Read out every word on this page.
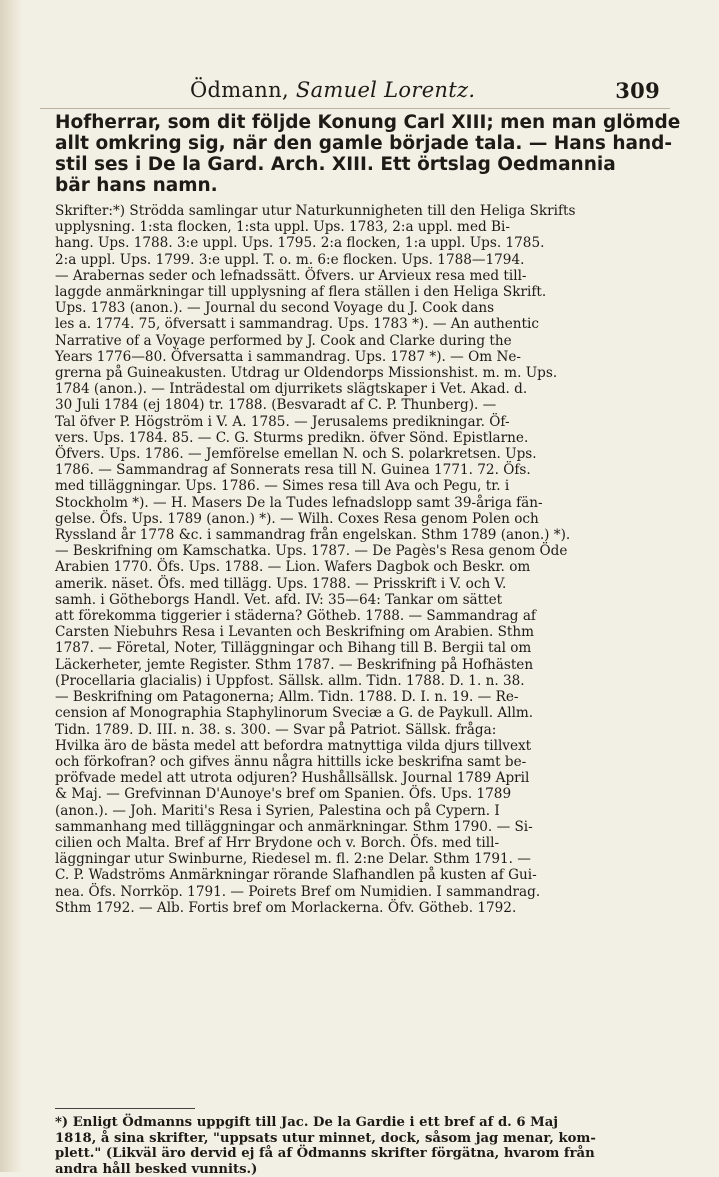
Ödmann, Samuel Lorentz.	309
Hofherrar, som dit följde Konung Carl XIII; men man glömde
allt omkring sig, när den gamle började tala. — Hans hand-
stil ses i De la Gard. Arch. XIII. Ett örtslag Oedmannia
bär hans namn.
Skrifter:*) Strödda samlingar utur Naturkunnigheten till den Heliga Skrifts
upplysning. 1:sta flocken, 1:sta uppl. Ups. 1783, 2:a uppl. med Bi-
hang. Ups. 1788. 3:e uppl. Ups. 1795. 2:a flocken, 1:a uppl. Ups. 1785.
2:a uppl. Ups. 1799. 3:e uppl. T. o. m. 6:e flocken. Ups. 1788—1794.
— Arabernas seder och lefnadssätt. Öfvers. ur Arvieux resa med till-
laggde anmärkningar till upplysning af flera ställen i den Heliga Skrift.
Ups. 1783 (anon.). — Journal du second Voyage du J. Cook dans
les a. 1774. 75, öfversatt i sammandrag. Ups. 1783 *). — An authentic
Narrative of a Voyage performed by J. Cook and Clarke during the
Years 1776—80. Öfversatta i sammandrag. Ups. 1787 *). — Om Ne-
grerna på Guineakusten. Utdrag ur Oldendorps Missionshist. m. m. Ups.
1784 (anon.). — Inträdestal om djurrikets slägtskaper i Vet. Akad. d.
30 Juli 1784 (ej 1804) tr. 1788. (Besvaradt af C. P. Thunberg). —
Tal öfver P. Högström i V. A. 1785. — Jerusalems predikningar. Öf-
vers. Ups. 1784. 85. — C. G. Sturms predikn. öfver Sönd. Epistlarne.
Öfvers. Ups. 1786. — Jemförelse emellan N. och S. polarkretsen. Ups.
1786. — Sammandrag af Sonnerats resa till N. Guinea 1771. 72. Öfs.
med tilläggningar. Ups. 1786. — Simes resa till Ava och Pegu, tr. i
Stockholm *). — H. Masers De la Tudes lefnadslopp samt 39-åriga fän-
gelse. Öfs. Ups. 1789 (anon.) *). — Wilh. Coxes Resa genom Polen och
Ryssland år 1778 &c. i sammandrag från engelskan. Sthm 1789 (anon.) *).
— Beskrifning om Kamschatka. Ups. 1787. — De Pagès's Resa genom Öde
Arabien 1770. Öfs. Ups. 1788. — Lion. Wafers Dagbok och Beskr. om
amerik. näset. Öfs. med tillägg. Ups. 1788. — Prisskrift i V. och V.
samh. i Götheborgs Handl. Vet. afd. IV: 35—64: Tankar om sättet
att förekomma tiggerier i städerna? Götheb. 1788. — Sammandrag af
Carsten Niebuhrs Resa i Levanten och Beskrifning om Arabien. Sthm
1787. — Företal, Noter, Tilläggningar och Bihang till B. Bergii tal om
Läckerheter, jemte Register. Sthm 1787. — Beskrifning på Hofhästen
(Procellaria glacialis) i Uppfost. Sällsk. allm. Tidn. 1788. D. 1. n. 38.
— Beskrifning om Patagonerna; Allm. Tidn. 1788. D. I. n. 19. — Re-
cension af Monographia Staphylinorum Sveciæ a G. de Paykull. Allm.
Tidn. 1789. D. III. n. 38. s. 300. — Svar på Patriot. Sällsk. fråga:
Hvilka äro de bästa medel att befordra matnyttiga vilda djurs tillvext
och förkofran? och gifves ännu några hittills icke beskrifna samt be-
pröfvade medel att utrota odjuren? Hushållsällsk. Journal 1789 April
& Maj. — Grefvinnan D'Aunoye's bref om Spanien. Öfs. Ups. 1789
(anon.). — Joh. Mariti's Resa i Syrien, Palestina och på Cypern. I
sammanhang med tilläggningar och anmärkningar. Sthm 1790. — Si-
cilien och Malta. Bref af Hrr Brydone och v. Borch. Öfs. med till-
läggningar utur Swinburne, Riedesel m. fl. 2:ne Delar. Sthm 1791. —
C. P. Wadströms Anmärkningar rörande Slafhandlen på kusten af Gui-
nea. Öfs. Norrköp. 1791. — Poirets Bref om Numidien. I sammandrag.
Sthm 1792. — Alb. Fortis bref om Morlackerna. Öfv. Götheb. 1792.
*) Enligt Ödmanns uppgift till Jac. De la Gardie i ett bref af d. 6 Maj
1818, å sina skrifter, "uppsats utur minnet, dock, såsom jag menar, kom-
plett." (Likväl äro dervid ej få af Ödmanns skrifter förgätna, hvarom från
andra håll besked vunnits.)
